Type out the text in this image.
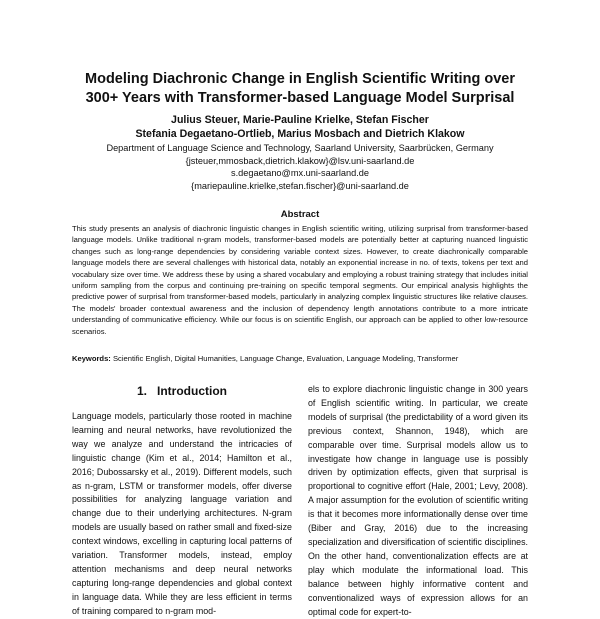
Modeling Diachronic Change in English Scientific Writing over
300+ Years with Transformer-based Language Model Surprisal
Julius Steuer, Marie-Pauline Krielke, Stefan Fischer
Stefania Degaetano-Ortlieb, Marius Mosbach and Dietrich Klakow
Department of Language Science and Technology, Saarland University, Saarbrücken, Germany
{jsteuer,mmosback,dietrich.klakow}@lsv.uni-saarland.de
s.degaetano@mx.uni-saarland.de
{mariepauline.krielke,stefan.fischer}@uni-saarland.de
Abstract

This study presents an analysis of diachronic linguistic changes in English scientific writing, utilizing surprisal from transformer-based language models. Unlike traditional n-gram models, transformer-based models are potentially better at capturing nuanced linguistic changes such as long-range dependencies by considering variable context sizes. However, to create diachronically comparable language models there are several challenges with historical data, notably an exponential increase in no. of texts, tokens per text and vocabulary size over time. We address these by using a shared vocabulary and employing a robust training strategy that includes initial uniform sampling from the corpus and continuing pre-training on specific temporal segments. Our empirical analysis highlights the predictive power of surprisal from transformer-based models, particularly in analyzing complex linguistic structures like relative clauses. The models' broader contextual awareness and the inclusion of dependency length annotations contribute to a more intricate understanding of communicative efficiency. While our focus is on scientific English, our approach can be applied to other low-resource scenarios.

Keywords: Scientific English, Digital Humanities, Language Change, Evaluation, Language Modeling, Transformer

1. Introduction

Language models, particularly those rooted in machine learning and neural networks, have revolutionized the way we analyze and understand the intricacies of linguistic change (Kim et al., 2014; Hamilton et al., 2016; Dubossarsky et al., 2019). Different models, such as n-gram, LSTM or transformer models, offer diverse possibilities for analyzing language variation and change due to their underlying architectures. N-gram models are usually based on rather small and fixed-size context windows, excelling in capturing local patterns of variation. Transformer models, instead, employ attention mechanisms and deep neural networks capturing long-range dependencies and global context in language data. While they are less efficient in terms of training compared to n-gram mod-

els to explore diachronic linguistic change in 300 years of English scientific writing. In particular, we create models of surprisal (the predictability of a word given its previous context, Shannon, 1948), which are comparable over time. Surprisal models allow us to investigate how change in language use is possibly driven by optimization effects, given that surprisal is proportional to cognitive effort (Hale, 2001; Levy, 2008). A major assumption for the evolution of scientific writing is that it becomes more informationally dense over time (Biber and Gray, 2016) due to the increasing specialization and diversification of scientific disciplines. On the other hand, conventionalization effects are at play which modulate the informational load. This balance between highly informative content and conventionalized ways of expression allows for an optimal code for expert-to-
